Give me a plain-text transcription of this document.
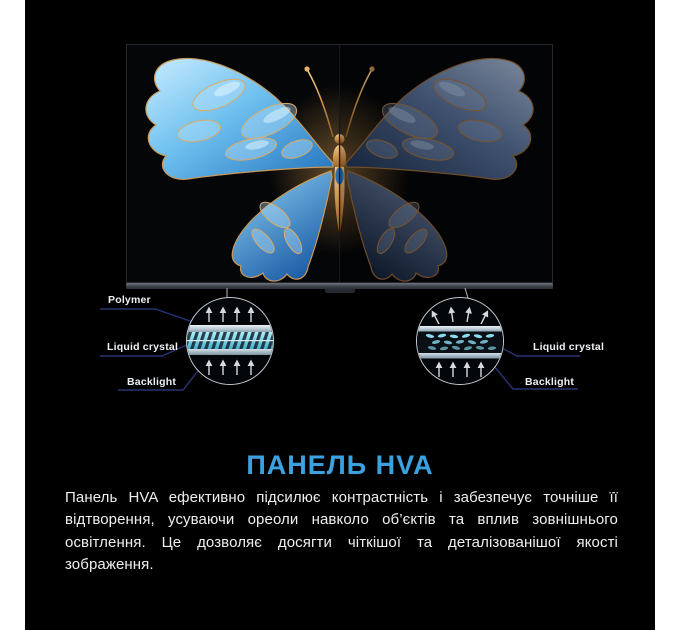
Polymer
Liquid crystal
Backlight
Liquid crystal
Backlight
ПАНЕЛЬ HVA
Панель HVA ефективно підсилює контрастність і забезпечує точніше її
відтворення, усуваючи ореоли навколо об’єктів та вплив зовнішнього
освітлення. Це дозволяє досягти чіткішої та деталізованішої якості
зображення.
